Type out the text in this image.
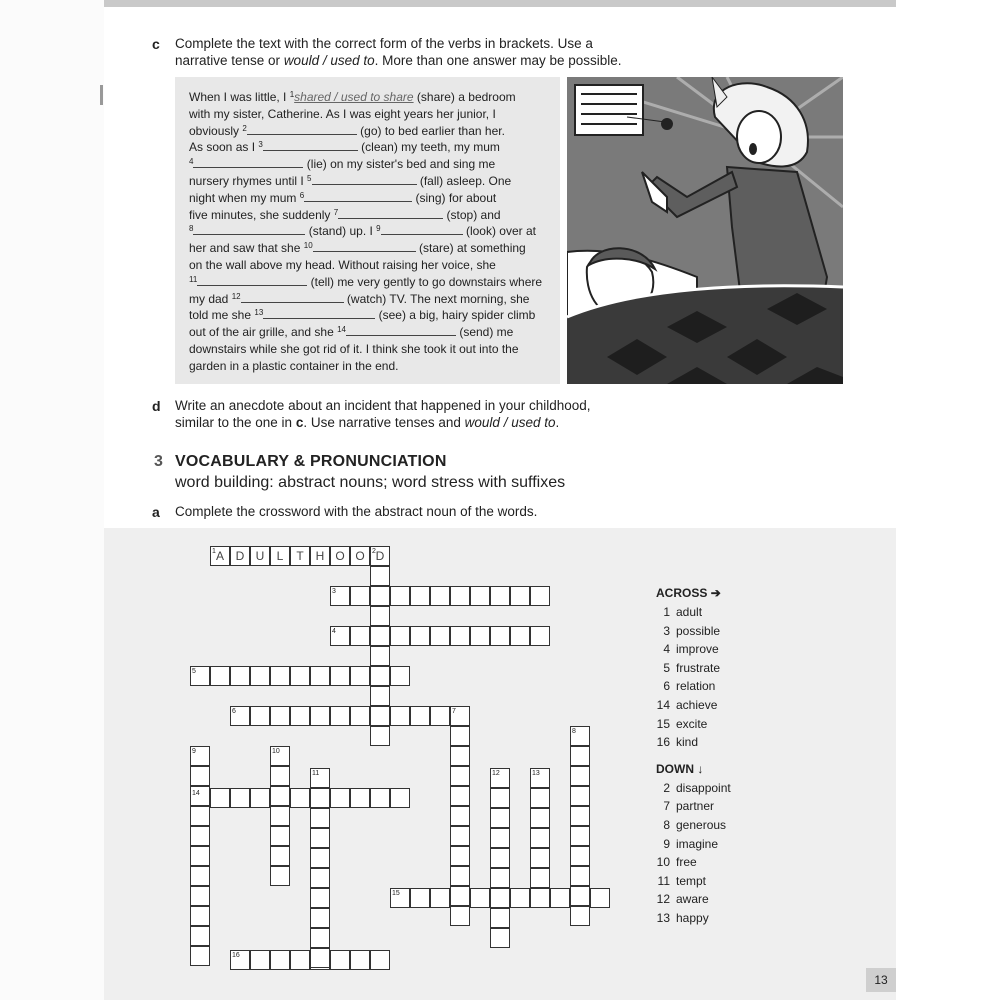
c Complete the text with the correct form of the verbs in brackets. Use a
narrative tense or would / used to. More than one answer may be possible.
When I was little, I $^1$shared / used to share (share) a bedroom
with my sister, Catherine. As I was eight years her junior, I
obviously $^2$	(go) to bed earlier than her.
As soon as I $^3$	(clean) my teeth, my mum
$^4$	(lie) on my sister's bed and sing me
nursery rhymes until I $^5$	(fall) asleep. One
night when my mum $^6$	(sing) for about
five minutes, she suddenly $^7$	(stop) and
$^8$	(stand) up. I $^9$	(look) over at
her and saw that she $^{10}$	(stare) at something
on the wall above my head. Without raising her voice, she
$^{11}$	(tell) me very gently to go downstairs where
my dad $^{12}$	(watch) TV. The next morning, she
told me she $^{13}$	(see) a big, hairy spider climb
out of the air grille, and she $^{14}$	(send) me
downstairs while she got rid of it. I think she took it out into the
garden in a plastic container in the end.
d Write an anecdote about an incident that happened in your childhood,
similar to the one in c. Use narrative tenses and would / used to.
3 VOCABULARY & PRONUNCIATION
word building: abstract nouns; word stress with suffixes
a Complete the crossword with the abstract noun of the words.
1	2
3
4
5
6	7
8
9	10
11	12	13
14
15
16
A D U	L	T H O O D
ACROSS ➔
1 adult
3 possible
4 improve
5 frustrate
6 relation
14 achieve
15 excite
16 kind
DOWN ↓
2 disappoint
7 partner
8 generous
9 imagine
10 free
11 tempt
12 aware
13 happy
13
